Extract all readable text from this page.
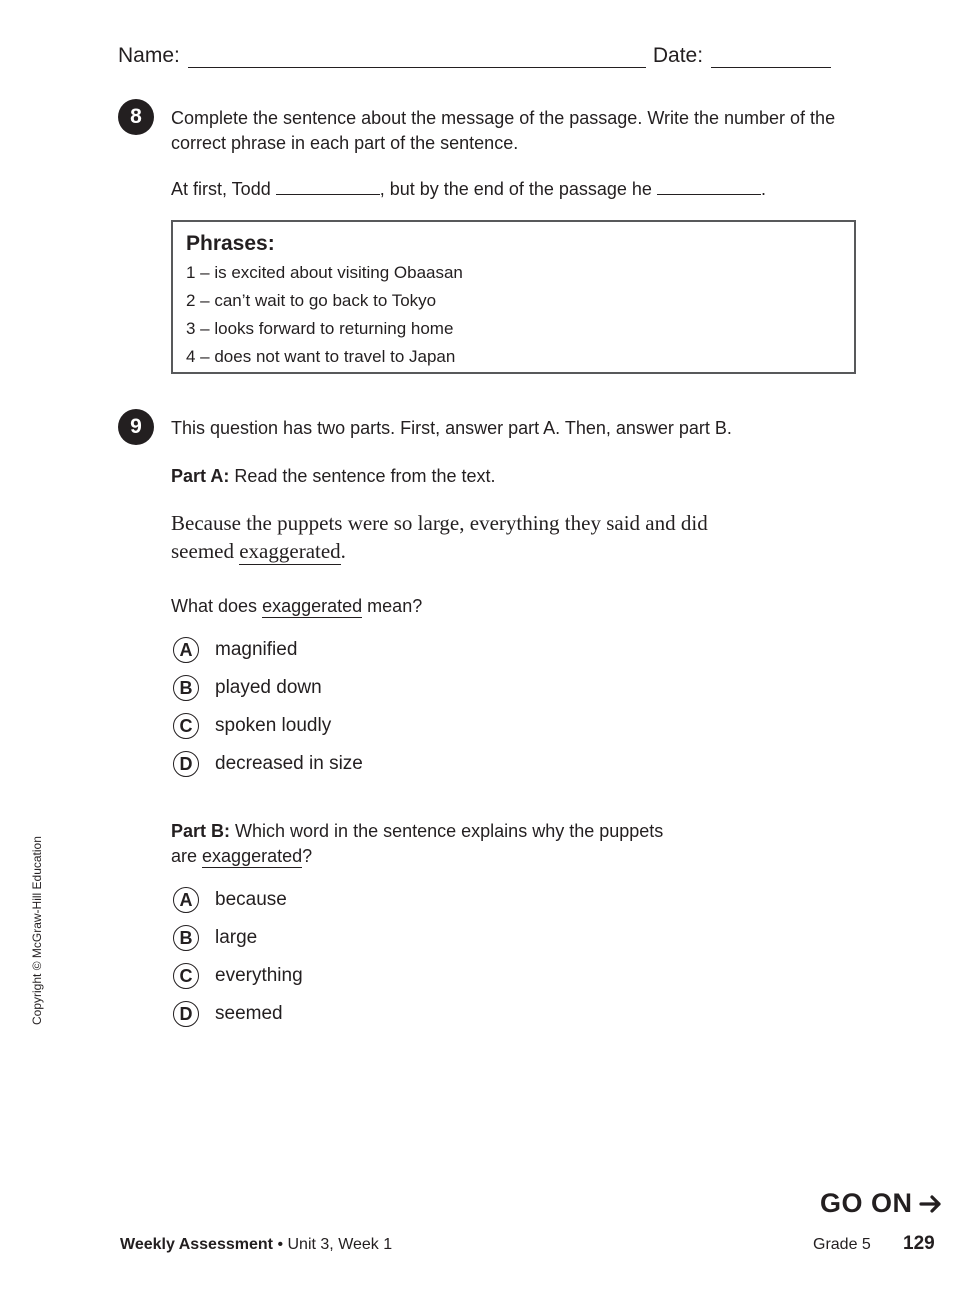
Name:	Date:
8	Complete the sentence about the message of the passage. Write the number of the correct phrase in each part of the sentence.
At first, Todd	, but by the end of the passage he	.
Phrases:
1 – is excited about visiting Obaasan
2 – can’t wait to go back to Tokyo
3 – looks forward to returning home
4 – does not want to travel to Japan
9	This question has two parts. First, answer part A. Then, answer part B.
Part A: Read the sentence from the text.
Because the puppets were so large, everything they said and did
seemed exaggerated.
What does exaggerated mean?
A	magnified
B	played down
C	spoken loudly
D	decreased in size
Part B: Which word in the sentence explains why the puppets
are exaggerated?
A	because
B	large
C	everything
D	seemed
Copyright © McGraw-Hill Education
GO ON
Weekly Assessment • Unit 3, Week 1	Grade 5 129
